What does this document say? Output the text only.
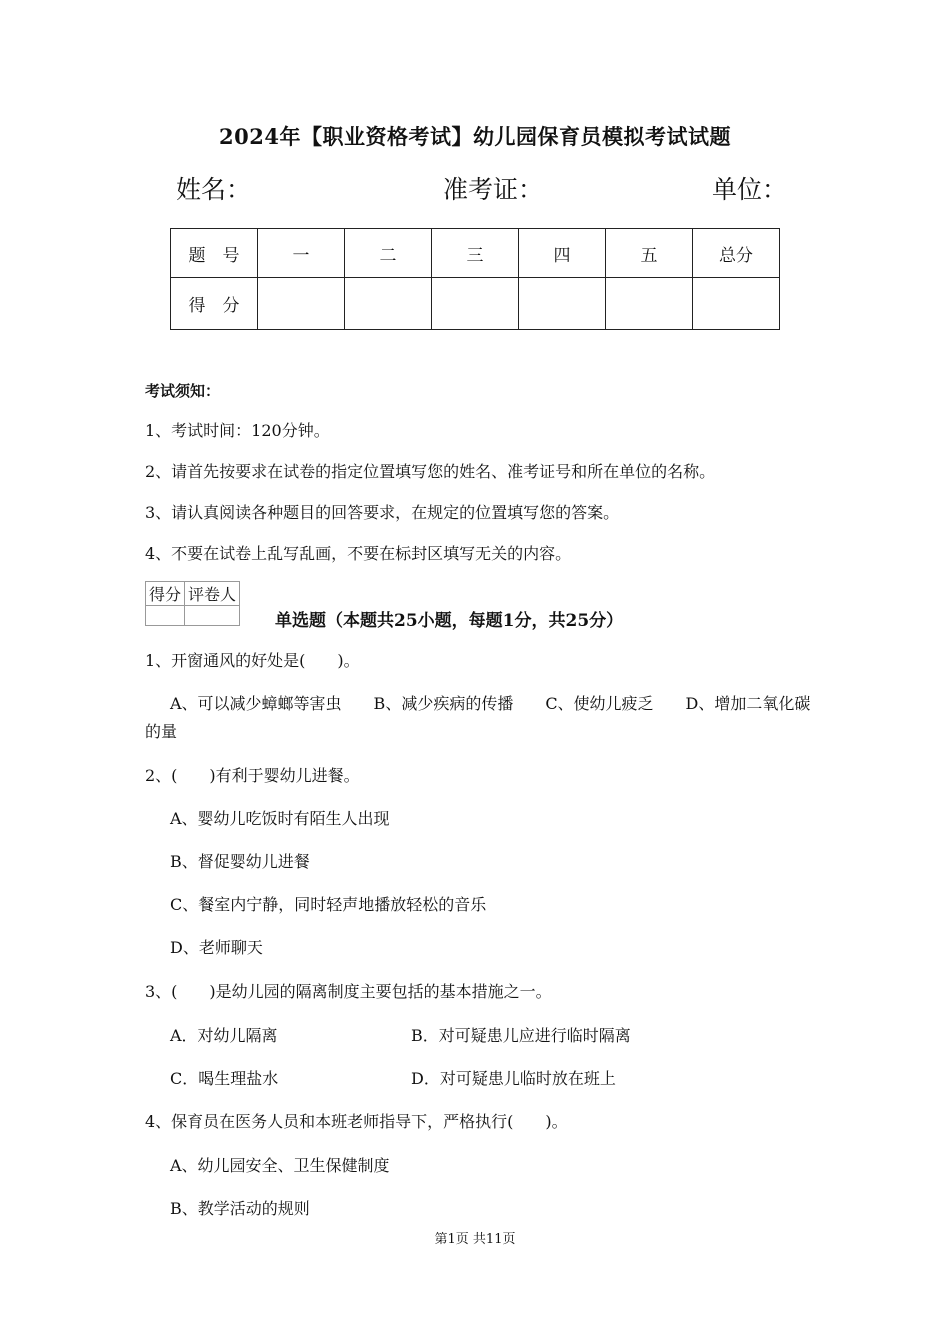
2024年【职业资格考试】幼儿园保育员模拟考试试题
姓名：	准考证：	单位：
题　号	一	二	三	四	五	总分
得　分						
考试须知：
1、考试时间：120分钟。
2、请首先按要求在试卷的指定位置填写您的姓名、准考证号和所在单位的名称。
3、请认真阅读各种题目的回答要求，在规定的位置填写您的答案。
4、不要在试卷上乱写乱画，不要在标封区填写无关的内容。
得分	评卷人

单选题（本题共25小题，每题1分，共25分）
1、开窗通风的好处是(　　)。
A、可以减少蟑螂等害虫　　B、减少疾病的传播　　C、使幼儿疲乏　　D、增加二氧化碳
的量
2、(　　)有利于婴幼儿进餐。
A、婴幼儿吃饭时有陌生人出现
B、督促婴幼儿进餐
C、餐室内宁静，同时轻声地播放轻松的音乐
D、老师聊天
3、(　　)是幼儿园的隔离制度主要包括的基本措施之一。
A．对幼儿隔离	B．对可疑患儿应进行临时隔离
C．喝生理盐水	D．对可疑患儿临时放在班上
4、保育员在医务人员和本班老师指导下，严格执行(　　)。
A、幼儿园安全、卫生保健制度
B、教学活动的规则
第1页 共11页
